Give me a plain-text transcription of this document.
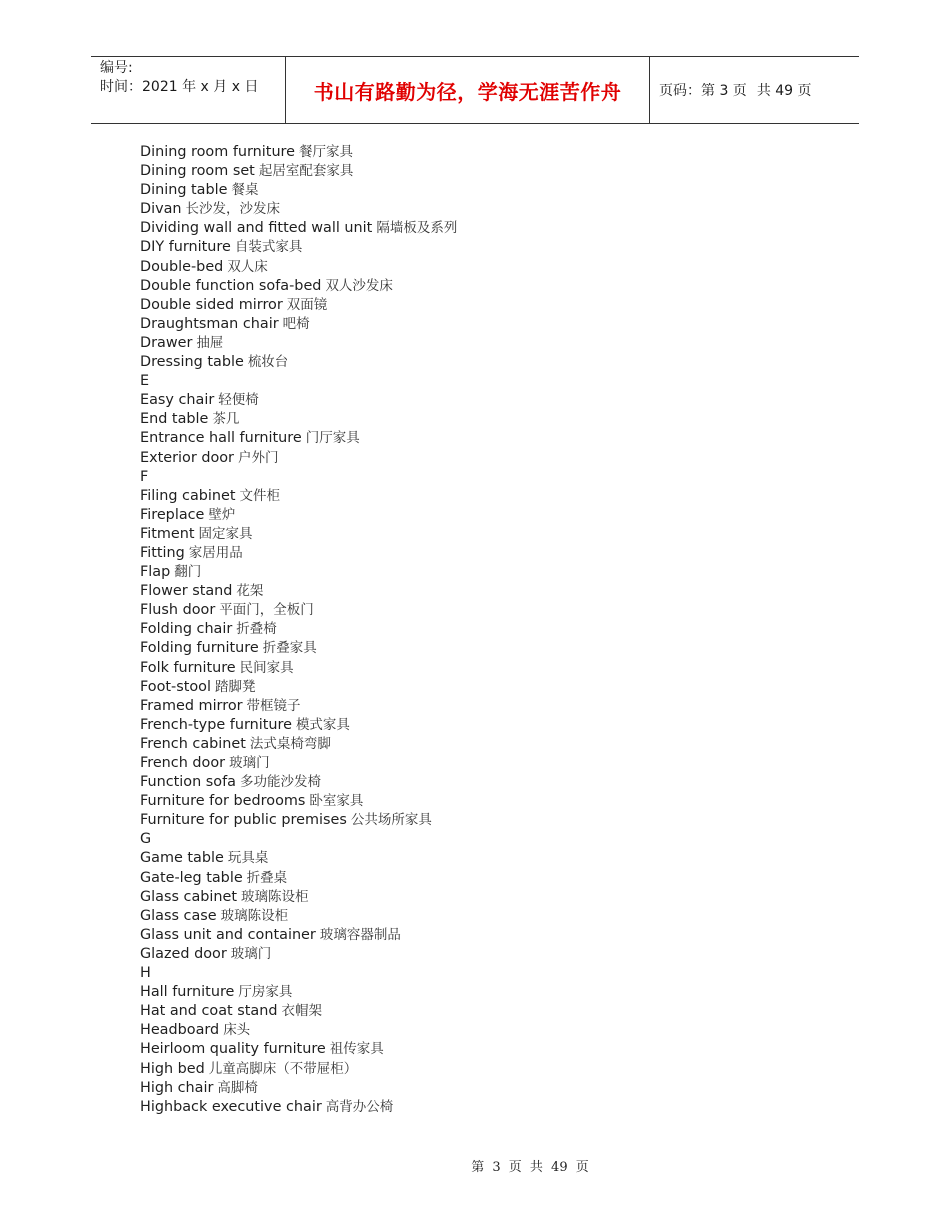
编号:
时间：2021 年 x 月 x 日	书山有路勤为径，学海无涯苦作舟	页码：第 3 页 共 49 页
Dining room furniture 餐厅家具
Dining room set 起居室配套家具
Dining table 餐桌
Divan 长沙发，沙发床
Dividing wall and fitted wall unit 隔墙板及系列
DIY furniture 自装式家具
Double-bed 双人床
Double function sofa-bed 双人沙发床
Double sided mirror 双面镜
Draughtsman chair 吧椅
Drawer 抽屉
Dressing table 梳妆台
E
Easy chair 轻便椅
End table 茶几
Entrance hall furniture 门厅家具
Exterior door 户外门
F
Filing cabinet 文件柜
Fireplace 壁炉
Fitment 固定家具
Fitting 家居用品
Flap 翻门
Flower stand 花架
Flush door 平面门，全板门
Folding chair 折叠椅
Folding furniture 折叠家具
Folk furniture 民间家具
Foot-stool 踏脚凳
Framed mirror 带框镜子
French-type furniture 模式家具
French cabinet 法式桌椅弯脚
French door 玻璃门
Function sofa 多功能沙发椅
Furniture for bedrooms 卧室家具
Furniture for public premises 公共场所家具
G
Game table 玩具桌
Gate-leg table 折叠桌
Glass cabinet 玻璃陈设柜
Glass case 玻璃陈设柜
Glass unit and container 玻璃容器制品
Glazed door 玻璃门
H
Hall furniture 厅房家具
Hat and coat stand 衣帽架
Headboard 床头
Heirloom quality furniture 祖传家具
High bed 儿童高脚床（不带屉柜）
High chair 高脚椅
Highback executive chair 高背办公椅
第 3 页 共 49 页
